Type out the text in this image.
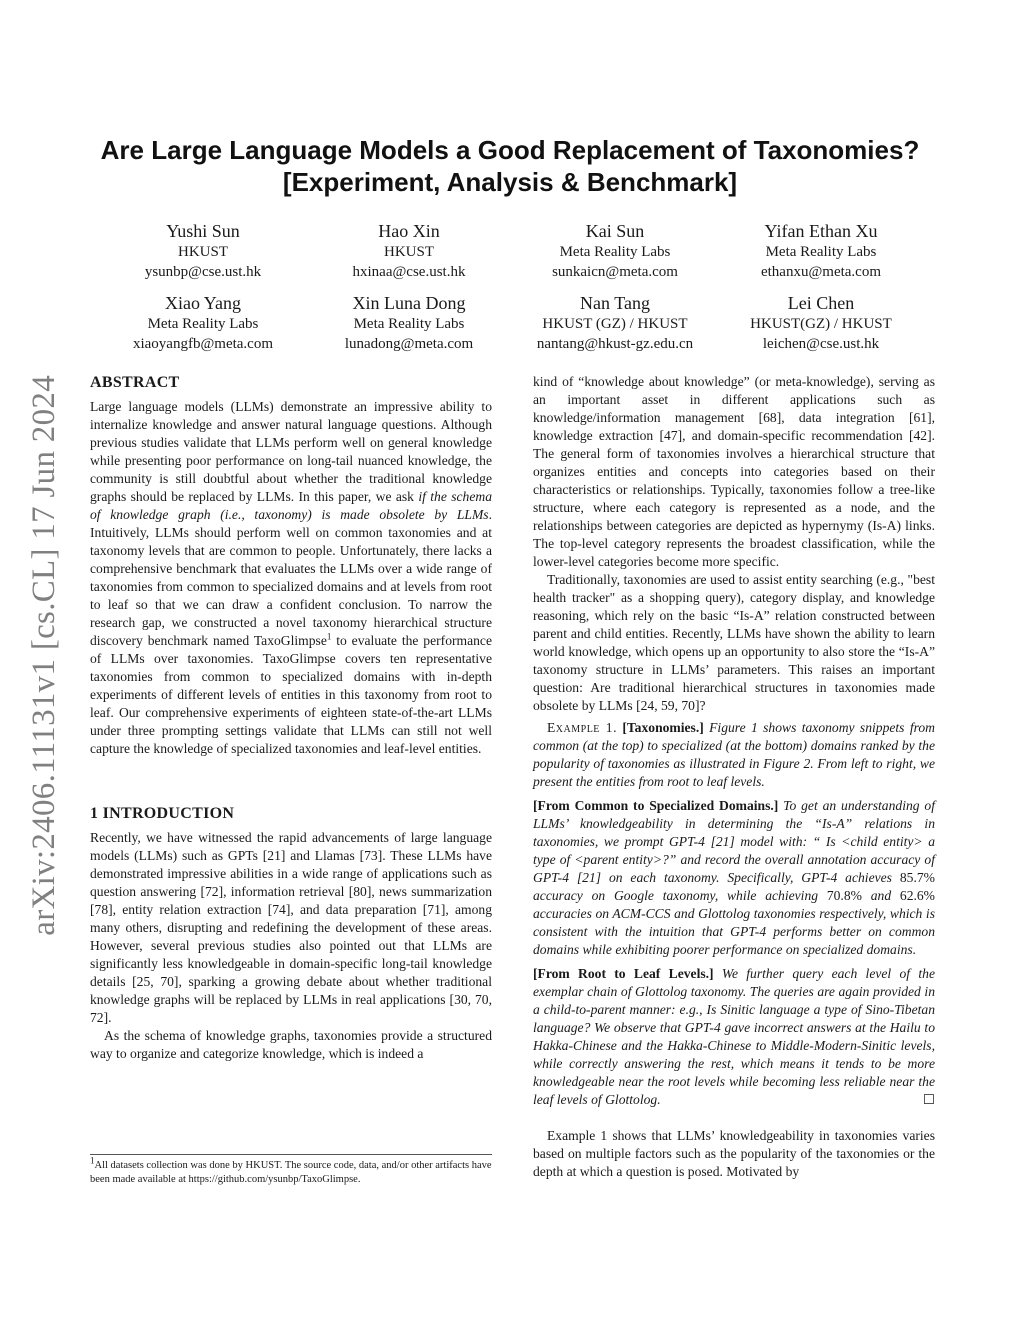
arXiv:2406.11131v1 [cs.CL] 17 Jun 2024
Are Large Language Models a Good Replacement of Taxonomies?
[Experiment, Analysis & Benchmark]
Yushi Sun
HKUST
ysunbp@cse.ust.hk
Hao Xin
HKUST
hxinaa@cse.ust.hk
Kai Sun
Meta Reality Labs
sunkaicn@meta.com
Yifan Ethan Xu
Meta Reality Labs
ethanxu@meta.com
Xiao Yang
Meta Reality Labs
xiaoyangfb@meta.com
Xin Luna Dong
Meta Reality Labs
lunadong@meta.com
Nan Tang
HKUST (GZ) / HKUST
nantang@hkust-gz.edu.cn
Lei Chen
HKUST(GZ) / HKUST
leichen@cse.ust.hk
ABSTRACT

Large language models (LLMs) demonstrate an impressive ability to internalize knowledge and answer natural language questions. Although previous studies validate that LLMs perform well on general knowledge while presenting poor performance on long-tail nuanced knowledge, the community is still doubtful about whether the traditional knowledge graphs should be replaced by LLMs. In this paper, we ask if the schema of knowledge graph (i.e., taxonomy) is made obsolete by LLMs. Intuitively, LLMs should perform well on common taxonomies and at taxonomy levels that are common to people. Unfortunately, there lacks a comprehensive benchmark that evaluates the LLMs over a wide range of taxonomies from common to specialized domains and at levels from root to leaf so that we can draw a confident conclusion. To narrow the research gap, we constructed a novel taxonomy hierarchical structure discovery benchmark named TaxoGlimpse$^1$ to evaluate the performance of LLMs over taxonomies. TaxoGlimpse covers ten representative taxonomies from common to specialized domains with in-depth experiments of different levels of entities in this taxonomy from root to leaf. Our comprehensive experiments of eighteen state-of-the-art LLMs under three prompting settings validate that LLMs can still not well capture the knowledge of specialized taxonomies and leaf-level entities.

1 INTRODUCTION

Recently, we have witnessed the rapid advancements of large language models (LLMs) such as GPTs [21] and Llamas [73]. These LLMs have demonstrated impressive abilities in a wide range of applications such as question answering [72], information retrieval [80], news summarization [78], entity relation extraction [74], and data preparation [71], among many others, disrupting and redefining the development of these areas. However, several previous studies also pointed out that LLMs are significantly less knowledgeable in domain-specific long-tail knowledge details [25, 70], sparking a growing debate about whether traditional knowledge graphs will be replaced by LLMs in real applications [30, 70, 72].

As the schema of knowledge graphs, taxonomies provide a structured way to organize and categorize knowledge, which is indeed a

$^1$All datasets collection was done by HKUST. The source code, data, and/or other artifacts have been made available at https://github.com/ysunbp/TaxoGlimpse.

kind of “knowledge about knowledge” (or meta-knowledge), serving as an important asset in different applications such as knowledge/information management [68], data integration [61], knowledge extraction [47], and domain-specific recommendation [42]. The general form of taxonomies involves a hierarchical structure that organizes entities and concepts into categories based on their characteristics or relationships. Typically, taxonomies follow a tree-like structure, where each category is represented as a node, and the relationships between categories are depicted as hypernymy (Is-A) links. The top-level category represents the broadest classification, while the lower-level categories become more specific.

Traditionally, taxonomies are used to assist entity searching (e.g., "best health tracker" as a shopping query), category display, and knowledge reasoning, which rely on the basic “Is-A” relation constructed between parent and child entities. Recently, LLMs have shown the ability to learn world knowledge, which opens up an opportunity to also store the “Is-A” taxonomy structure in LLMs’ parameters. This raises an important question: Are traditional hierarchical structures in taxonomies made obsolete by LLMs [24, 59, 70]?

Example 1. [Taxonomies.] Figure 1 shows taxonomy snippets from common (at the top) to specialized (at the bottom) domains ranked by the popularity of taxonomies as illustrated in Figure 2. From left to right, we present the entities from root to leaf levels.

[From Common to Specialized Domains.] To get an understanding of LLMs’ knowledgeability in determining the “Is-A” relations in taxonomies, we prompt GPT-4 [21] model with: “ Is <child entity> a type of <parent entity>?” and record the overall annotation accuracy of GPT-4 [21] on each taxonomy. Specifically, GPT-4 achieves 85.7% accuracy on Google taxonomy, while achieving 70.8% and 62.6% accuracies on ACM-CCS and Glottolog taxonomies respectively, which is consistent with the intuition that GPT-4 performs better on common domains while exhibiting poorer performance on specialized domains.

[From Root to Leaf Levels.] We further query each level of the exemplar chain of Glottolog taxonomy. The queries are again provided in a child-to-parent manner: e.g., Is Sinitic language a type of Sino-Tibetan language? We observe that GPT-4 gave incorrect answers at the Hailu to Hakka-Chinese and the Hakka-Chinese to Middle-Modern-Sinitic levels, while correctly answering the rest, which means it tends to be more knowledgeable near the root levels while becoming less reliable near the leaf levels of Glottolog.	☐

Example 1 shows that LLMs’ knowledgeability in taxonomies varies based on multiple factors such as the popularity of the taxonomies or the depth at which a question is posed. Motivated by
